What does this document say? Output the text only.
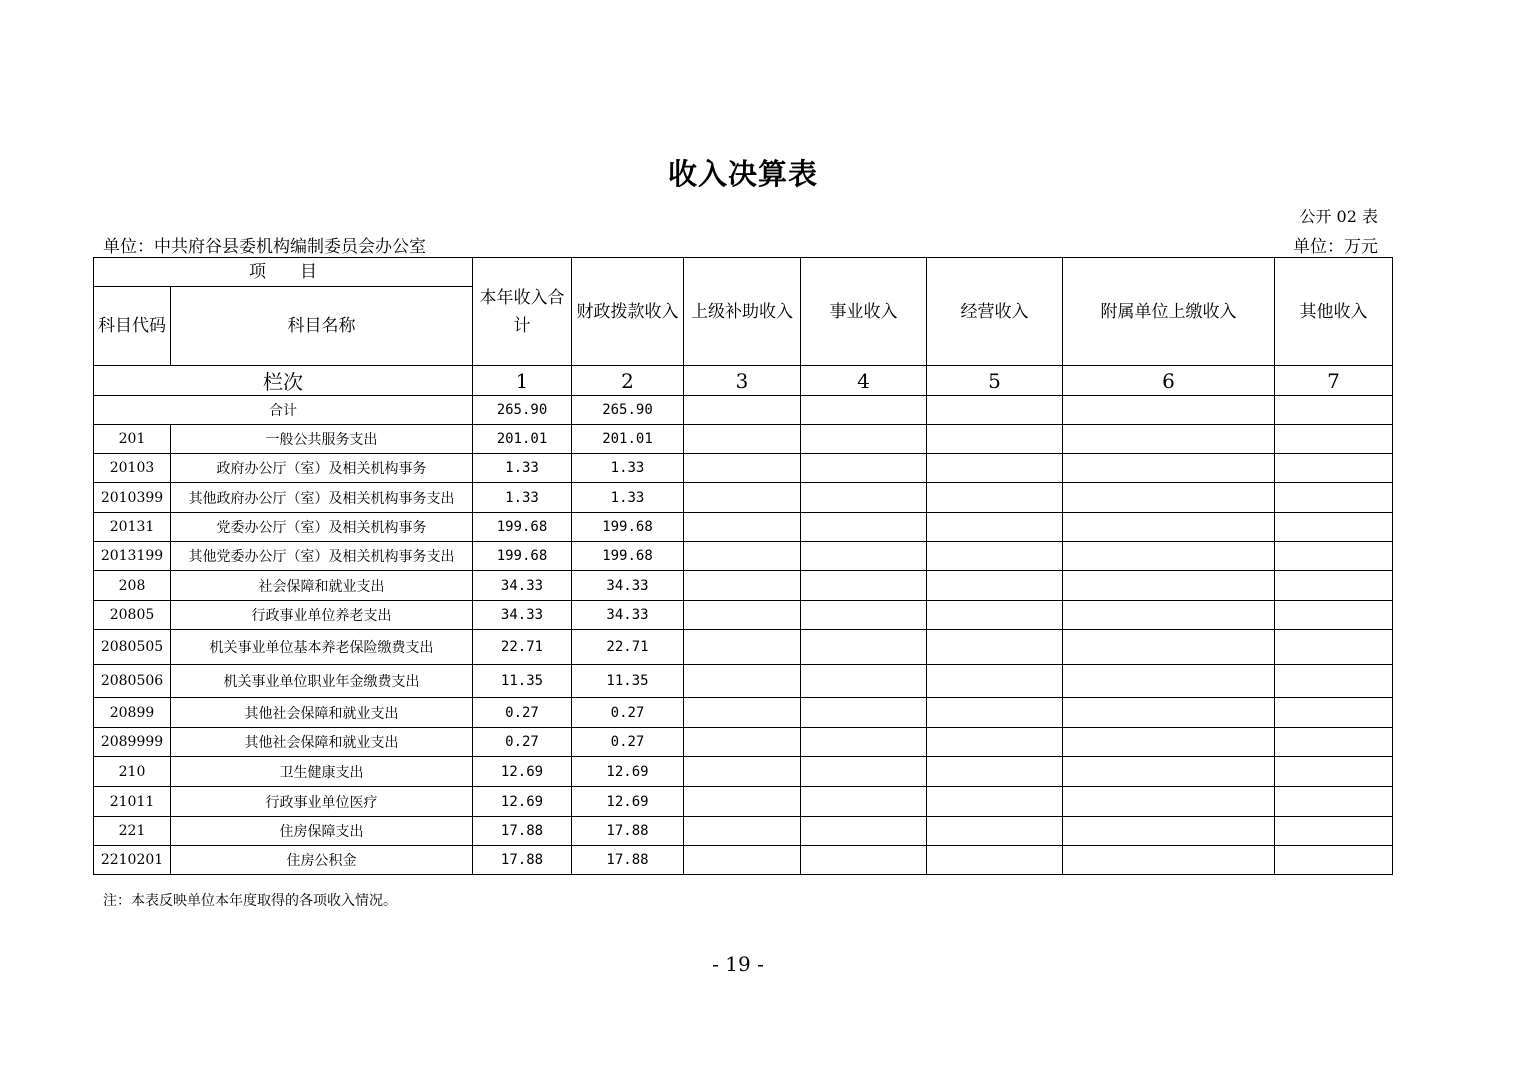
收入决算表
公开 02 表
单位：中共府谷县委机构编制委员会办公室	单位：万元
项　　目		本年收入合计	财政拨款收入	上级补助收入	事业收入	经营收入	附属单位上缴收入	其他收入
科目代码	科目名称							
栏次		1	2	3	4	5	6	7
合计		265.90	265.90					
201	一般公共服务支出	201.01	201.01					
20103	政府办公厅（室）及相关机构事务	1.33	1.33					
2010399	其他政府办公厅（室）及相关机构事务支出	1.33	1.33					
20131	党委办公厅（室）及相关机构事务	199.68	199.68					
2013199	其他党委办公厅（室）及相关机构事务支出	199.68	199.68					
208	社会保障和就业支出	34.33	34.33					
20805	行政事业单位养老支出	34.33	34.33					
2080505	机关事业单位基本养老保险缴费支出	22.71	22.71					
2080506	机关事业单位职业年金缴费支出	11.35	11.35					
20899	其他社会保障和就业支出	0.27	0.27					
2089999	其他社会保障和就业支出	0.27	0.27					
210	卫生健康支出	12.69	12.69					
21011	行政事业单位医疗	12.69	12.69					
221	住房保障支出	17.88	17.88					
2210201	住房公积金	17.88	17.88					
注：本表反映单位本年度取得的各项收入情况。
- 19 -
